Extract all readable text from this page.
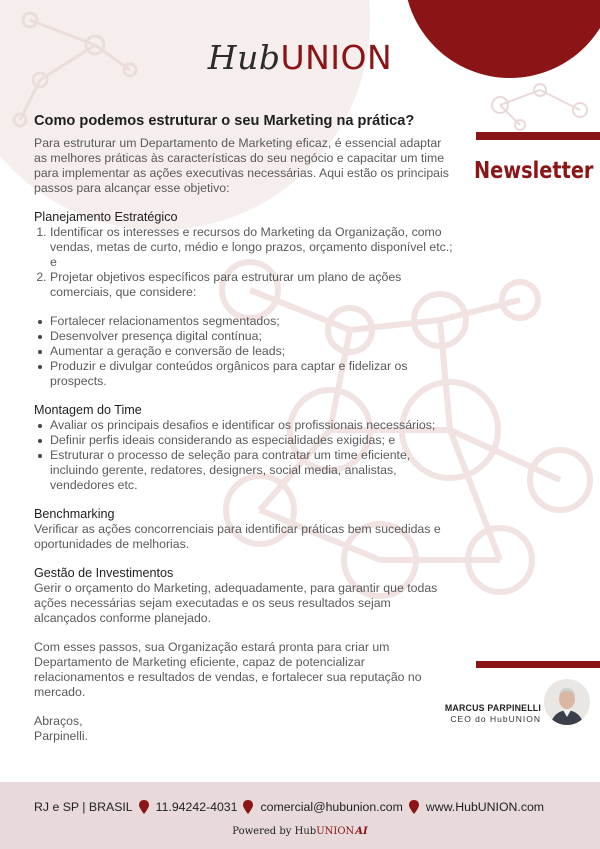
HubUNION
Newsletter
Como podemos estruturar o seu Marketing na prática?

Para estruturar um Departamento de Marketing eficaz, é essencial adaptar as melhores práticas às características do seu negócio e capacitar um time para implementar as ações executivas necessárias. Aqui estão os principais passos para alcançar esse objetivo:

Planejamento Estratégico
1. Identificar os interesses e recursos do Marketing da Organização, como vendas, metas de curto, médio e longo prazos, orçamento disponível etc.; e
2. Projetar objetivos específicos para estruturar um plano de ações comerciais, que considere:
Fortalecer relacionamentos segmentados;
Desenvolver presença digital contínua;
Aumentar a geração e conversão de leads;
Produzir e divulgar conteúdos orgânicos para captar e fidelizar os prospects.
Montagem do Time
Avaliar os principais desafios e identificar os profissionais necessários;
Definir perfis ideais considerando as especialidades exigidas; e
Estruturar o processo de seleção para contratar um time eficiente, incluindo gerente, redatores, designers, social media, analistas, vendedores etc.
Benchmarking

Verificar as ações concorrenciais para identificar práticas bem sucedidas e oportunidades de melhorias.

Gestão de Investimentos

Gerir o orçamento do Marketing, adequadamente, para garantir que todas ações necessárias sejam executadas e os seus resultados sejam alcançados conforme planejado.

Com esses passos, sua Organização estará pronta para criar um Departamento de Marketing eficiente, capaz de potencializar relacionamentos e resultados de vendas, e fortalecer sua reputação no mercado.

Abraços,

Parpinelli.

MARCUS PARPINELLI
CEO do HubUNION
RJ e SP | BRASIL 11.94242-4031 comercial@hubunion.com www.HubUNION.com
Powered by HubUNION AI
